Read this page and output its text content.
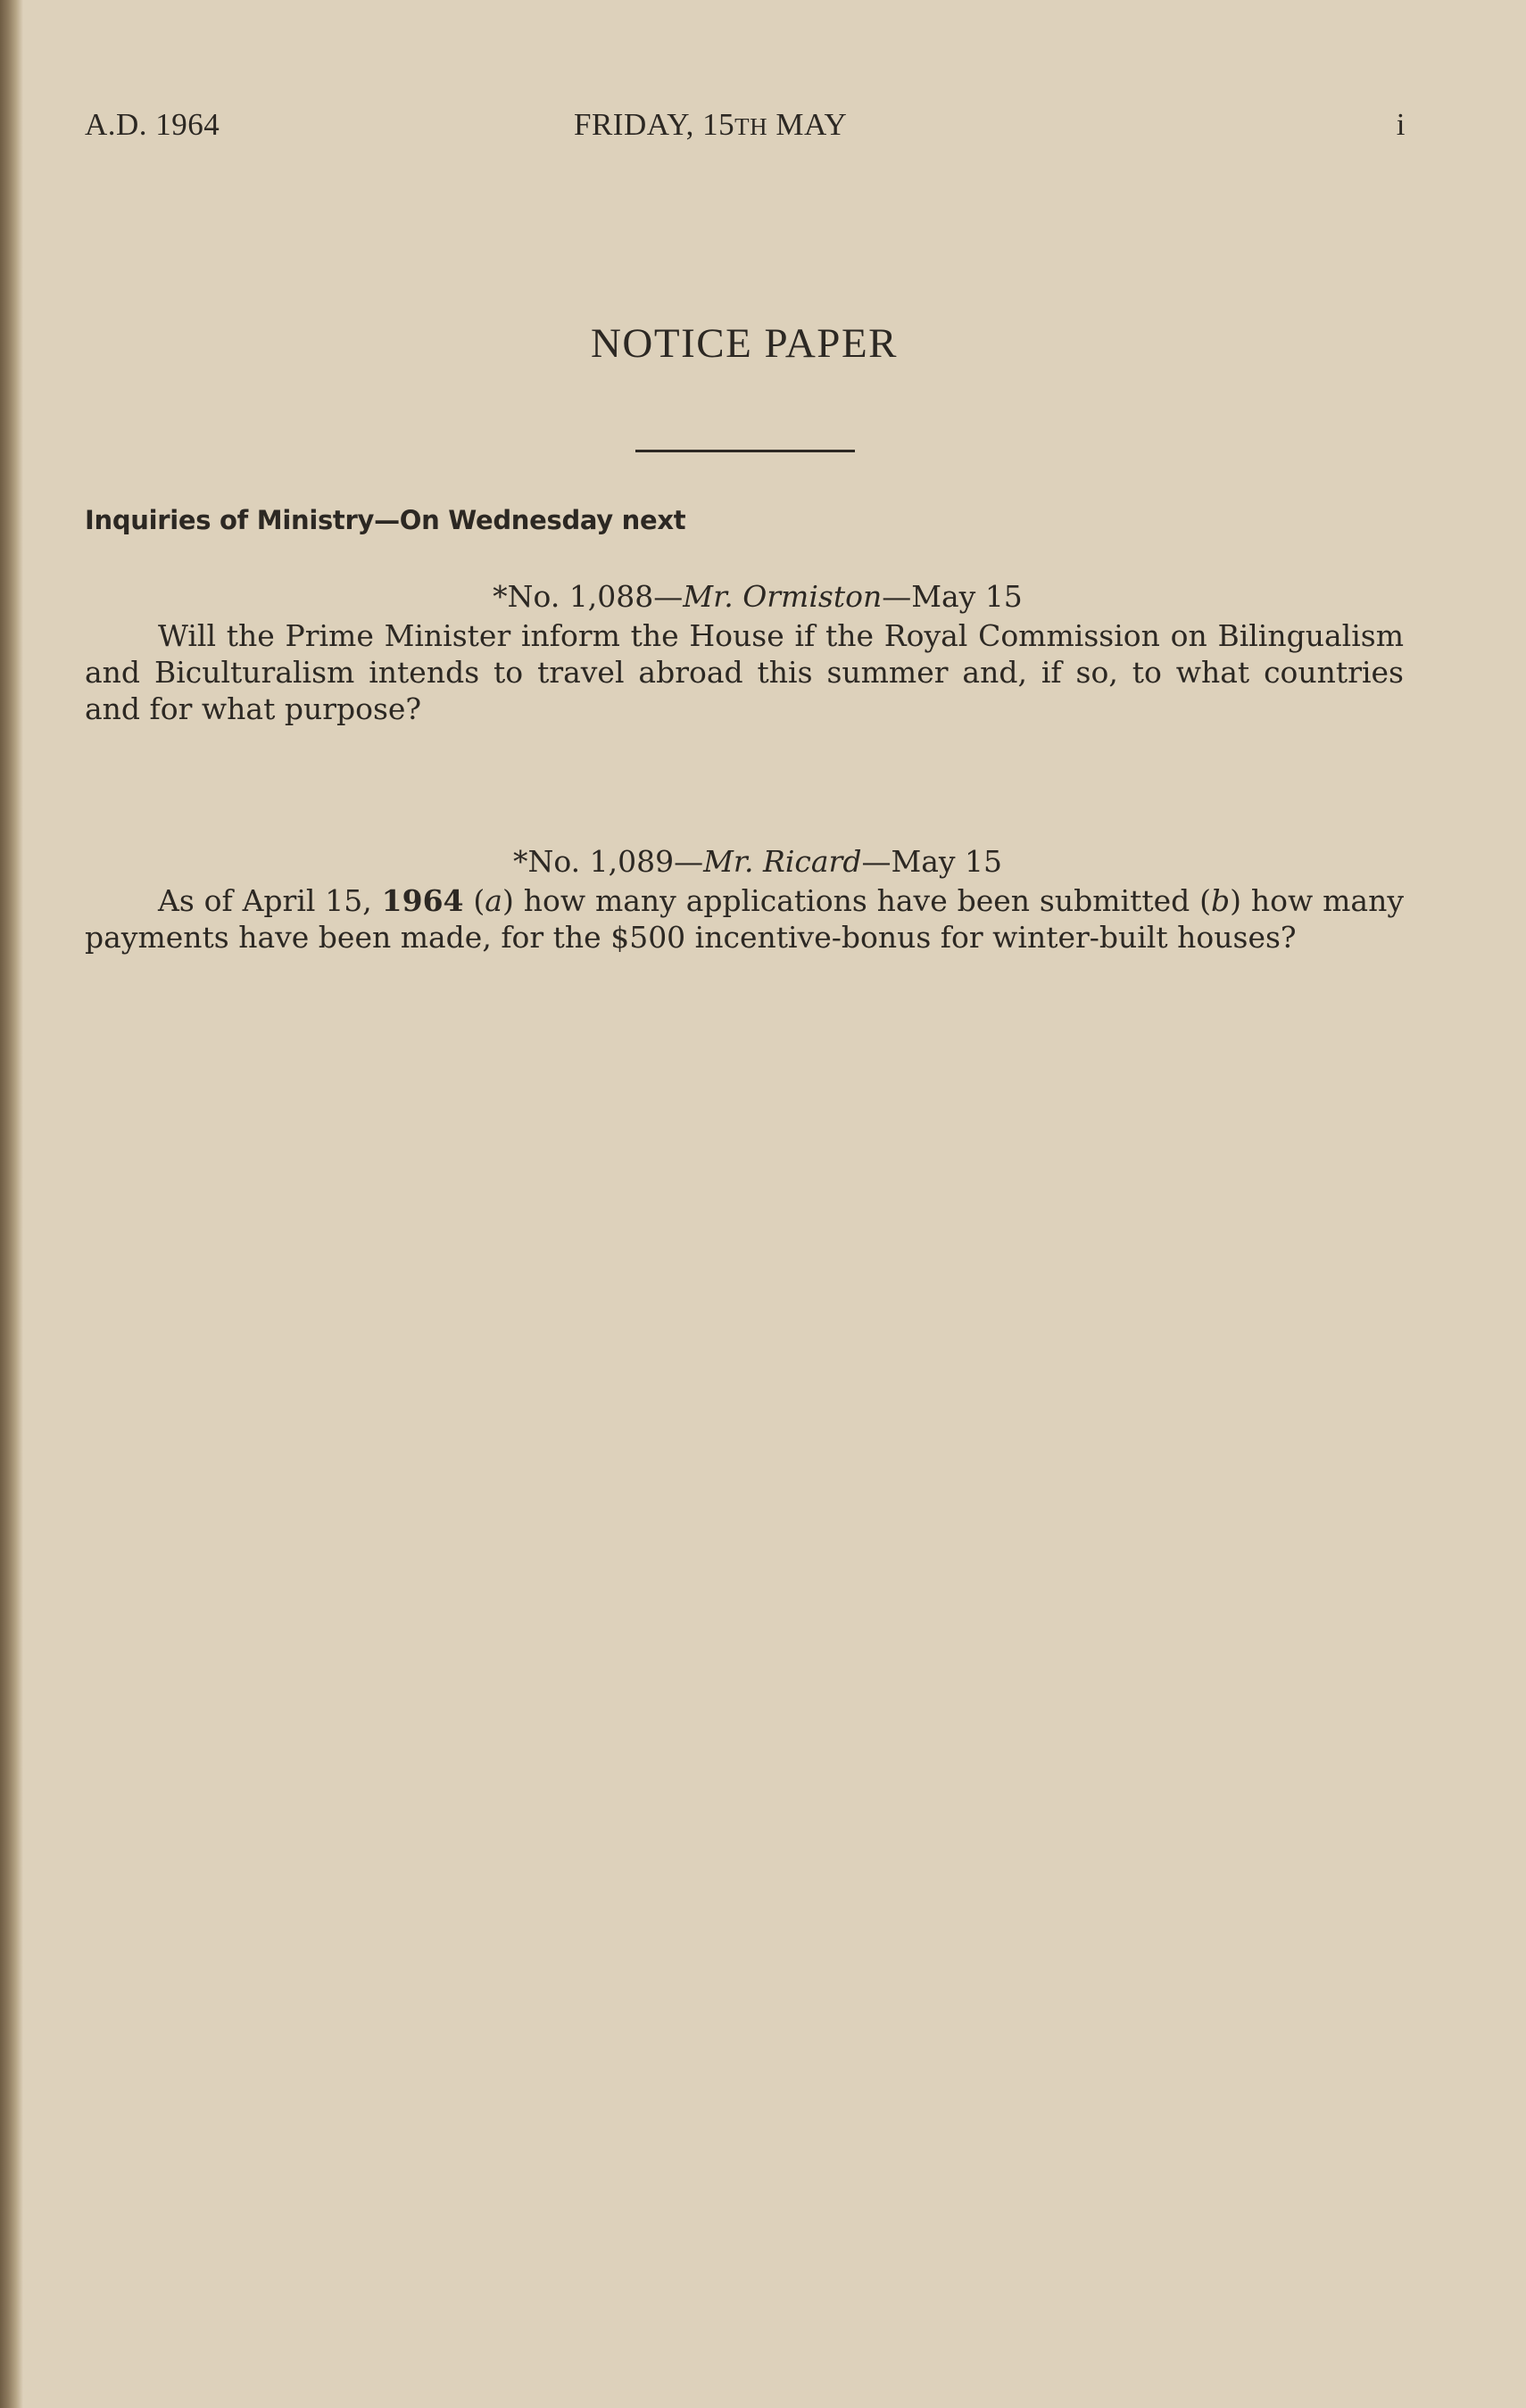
A.D. 1964	FRIDAY, 15TH MAY	i
NOTICE PAPER
Inquiries of Ministry—On Wednesday next
*No. 1,088—Mr. Ormiston—May 15
Will the Prime Minister inform the House if the Royal Commission on Bilingualism and Biculturalism intends to travel abroad this summer and, if so, to what countries and for what purpose?
*No. 1,089—Mr. Ricard—May 15
As of April 15, 1964 (a) how many applications have been submitted (b) how many payments have been made, for the $500 incentive-bonus for winter-built houses?
